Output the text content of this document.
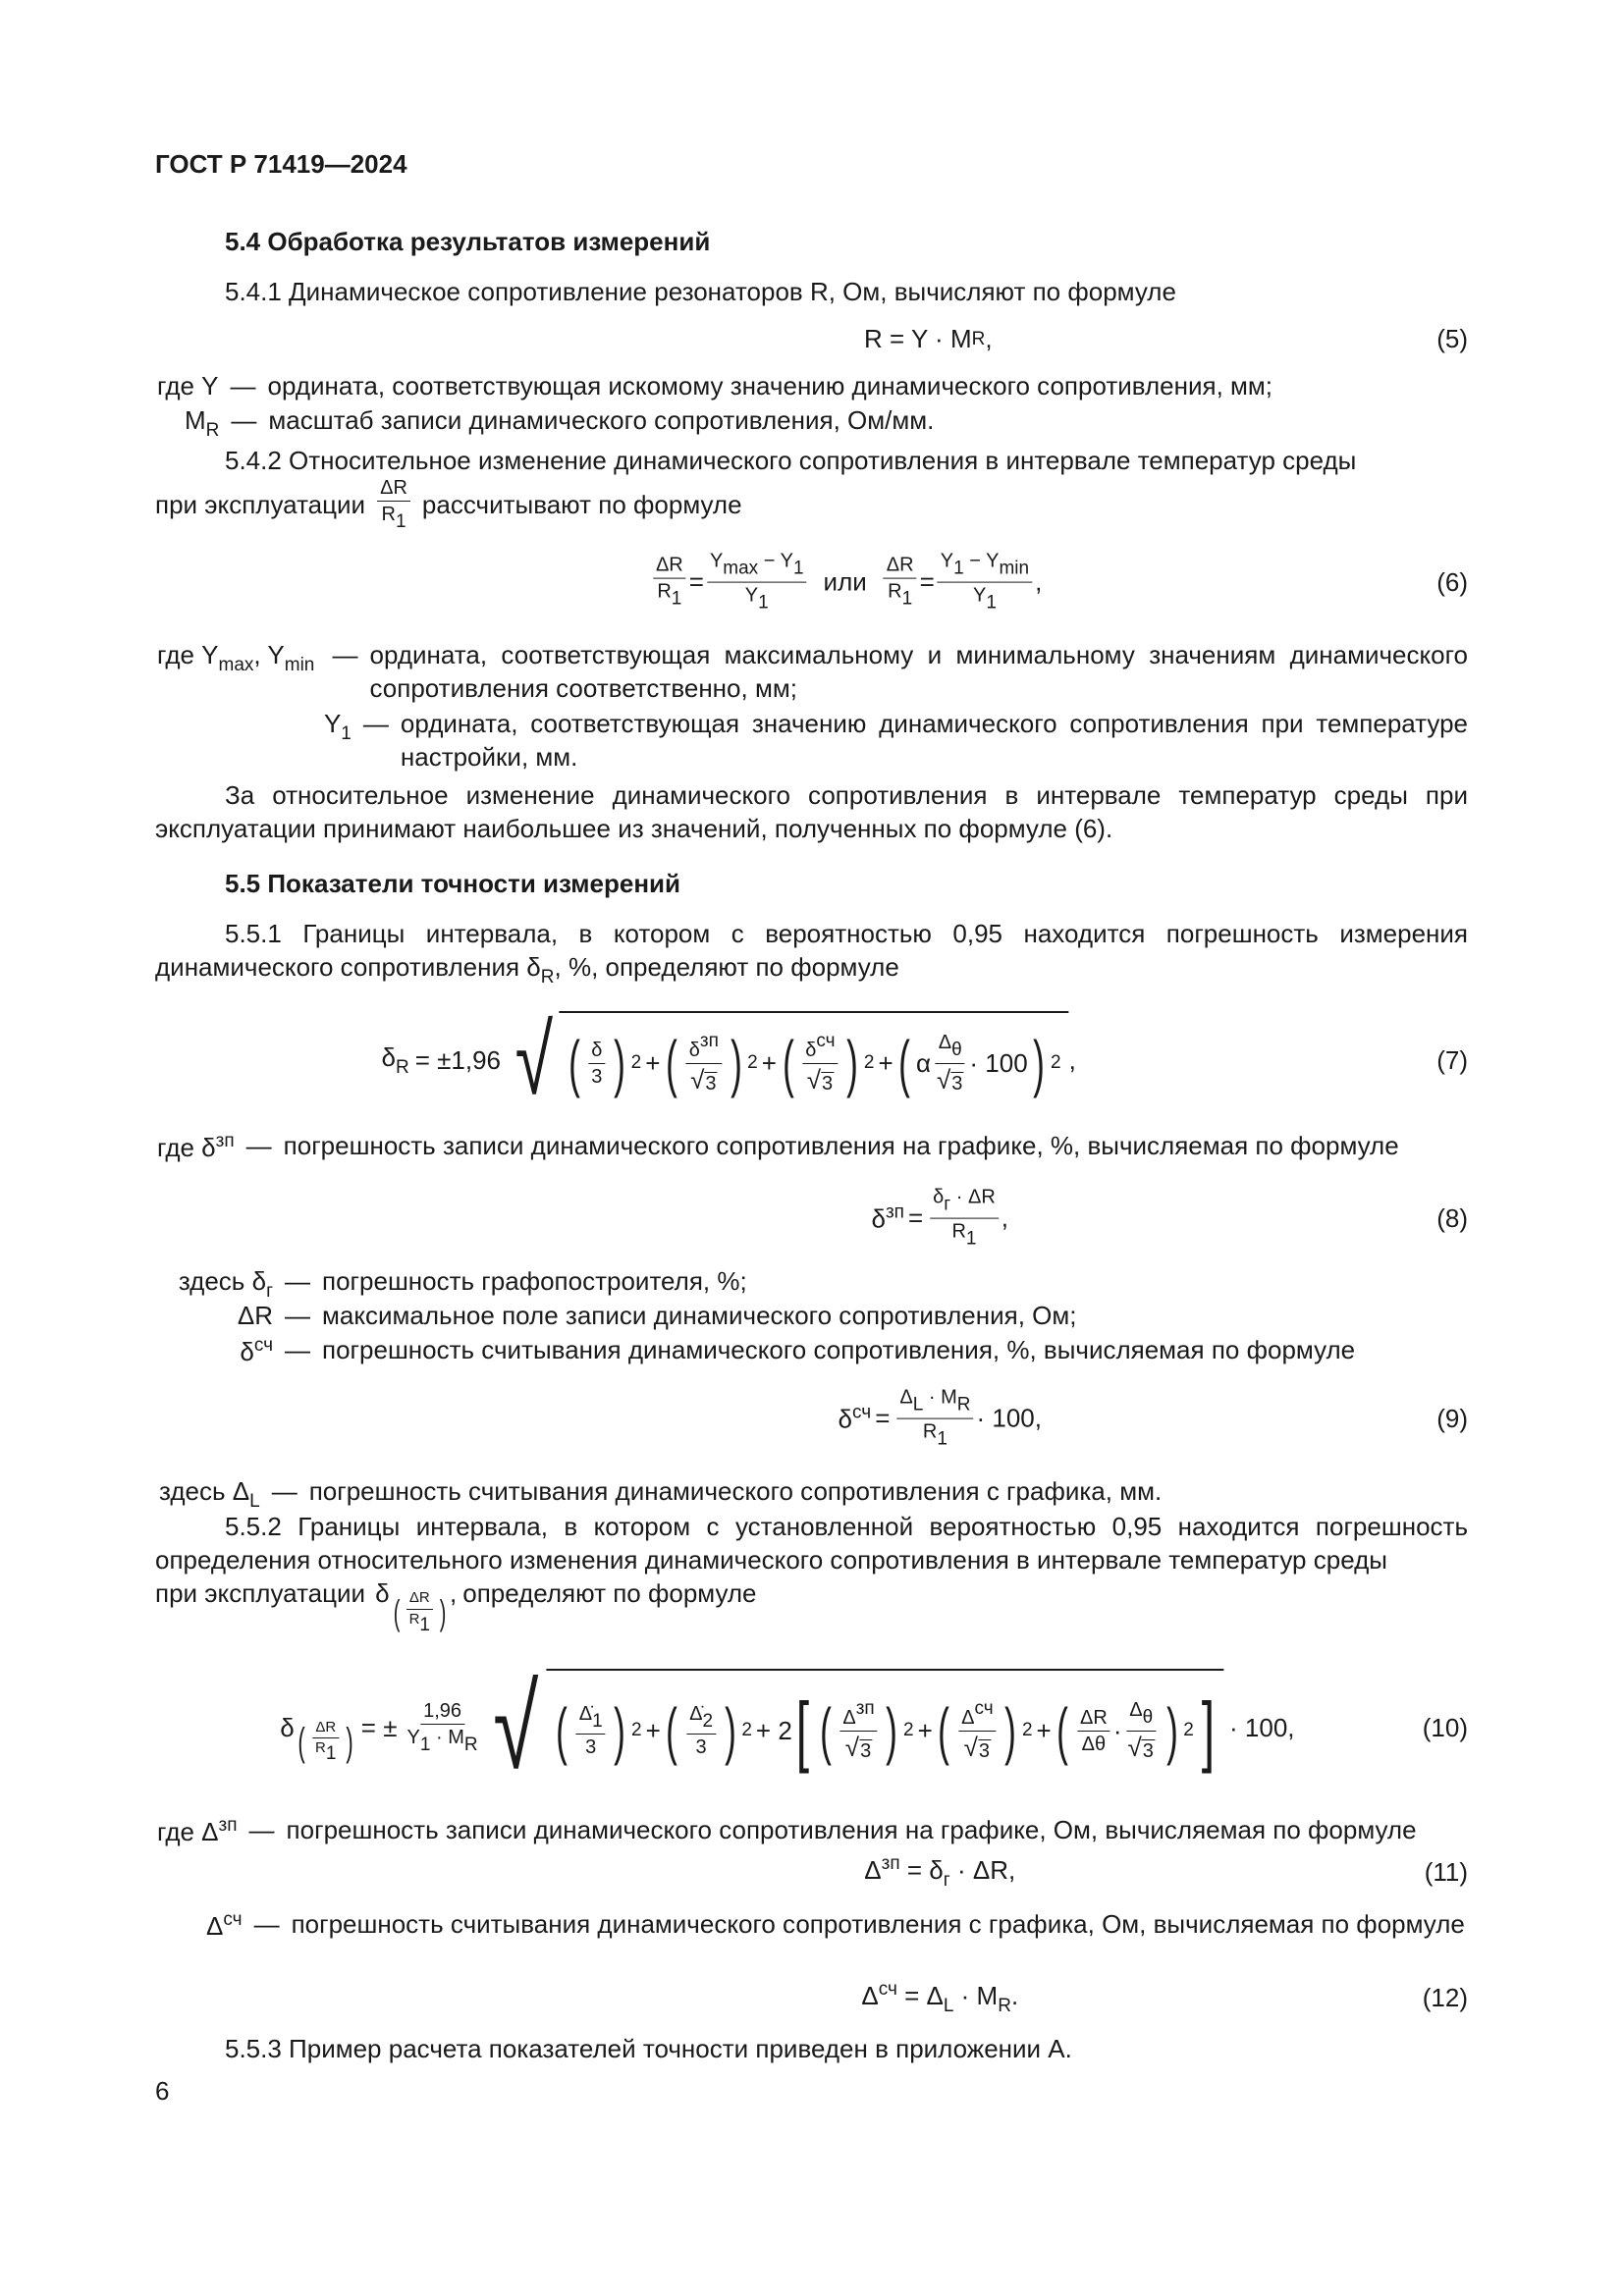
ГОСТ Р 71419—2024
5.4 Обработка результатов измерений
5.4.1 Динамическое сопротивление резонаторов R, Ом, вычисляют по формуле
R = Y · M R ,	(5)
где Y — ордината, соответствующая искомому значению динамического сопротивления, мм;
$M_R$ — масштаб записи динамического сопротивления, Ом/мм.
5.4.2 Относительное изменение динамического сопротивления в интервале температур среды
при эксплуатации $\frac{\Delta R}{R1}$ рассчитывают по формуле
$\frac{\Delta R}{R1} = \frac{Ymax - Y1}{Y1}$ или $\frac{\Delta R}{R1} = \frac{Y1 - Ymin}{Y1}$ ,	(6)
где $Y_{max}$, $Y_{min}$ — ордината, соответствующая максимальному и минимальному значениям динамического сопротивления соответственно, мм;
$Y_1$ — ордината, соответствующая значению динамического сопротивления при температуре настройки, мм.
За относительное изменение динамического сопротивления в интервале температур среды при эксплуатации принимают наибольшее из значений, полученных по формуле (6).
5.5 Показатели точности измерений
5.5.1 Границы интервала, в котором с вероятностью 0,95 находится погрешность измерения динамического сопротивления $\delta_R$, %, определяют по формуле
$\delta_R = \pm 1,96$ √ ( $\frac{\delta}{3}$ ) 2 + ( $\frac{\text{δзп}}{√ 3}$ ) 2 + ( $\frac{\text{δсч}}{√ 3}$ ) 2 + ( α $\frac{\Delta\theta}{√ 3} \cdot 100$ ) 2 ,	(7)
где $\delta^{зп}$ — погрешность записи динамического сопротивления на графике, %, вычисляемая по формуле
$\delta^{зп} = \frac{\delta г \cdot \Delta R}{R1}$ ,	(8)
здесь $\delta_г$ — погрешность графопостроителя, %;
ΔR — максимальное поле записи динамического сопротивления, Ом;
$\delta^{сч}$ — погрешность считывания динамического сопротивления, %, вычисляемая по формуле
$\delta^{сч} = \frac{\Delta L \cdot MR}{R1} \cdot 100$,	(9)
здесь $\Delta_L$ — погрешность считывания динамического сопротивления с графика, мм.
5.5.2 Границы интервала, в котором с установленной вероятностью 0,95 находится погрешность определения относительного изменения динамического сопротивления в интервале температур среды
при эксплуатации δ ( $\frac{\Delta R}{R1}$ ) , определяют по формуле
δ ( $\frac{\Delta R}{R1}$ ) = ± $\frac{1,96}{Y1 \cdot MR}$ √ ( $\frac{\Deltȧ1}{3}$ ) 2 + ( $\frac{\Deltȧ2}{3}$ ) 2 + 2 [ ( $\frac{\text{Δзп}}{√ 3}$ ) 2 + ( $\frac{\text{Δсч}}{√ 3}$ ) 2 + ( $\frac{\Delta R}{\Delta\theta} \cdot \frac{\Delta\theta}{√ 3}$ ) 2 ] · 100,	(10)
где $\Delta^{зп}$ — погрешность записи динамического сопротивления на графике, Ом, вычисляемая по формуле
$\Delta^{зп} = \delta_г \cdot \Delta R$,	(11)
$\Delta^{сч}$ — погрешность считывания динамического сопротивления с графика, Ом, вычисляемая по формуле
$\Delta^{сч} = \Delta_L \cdot M_R$.	(12)
5.5.3 Пример расчета показателей точности приведен в приложении А.
6
